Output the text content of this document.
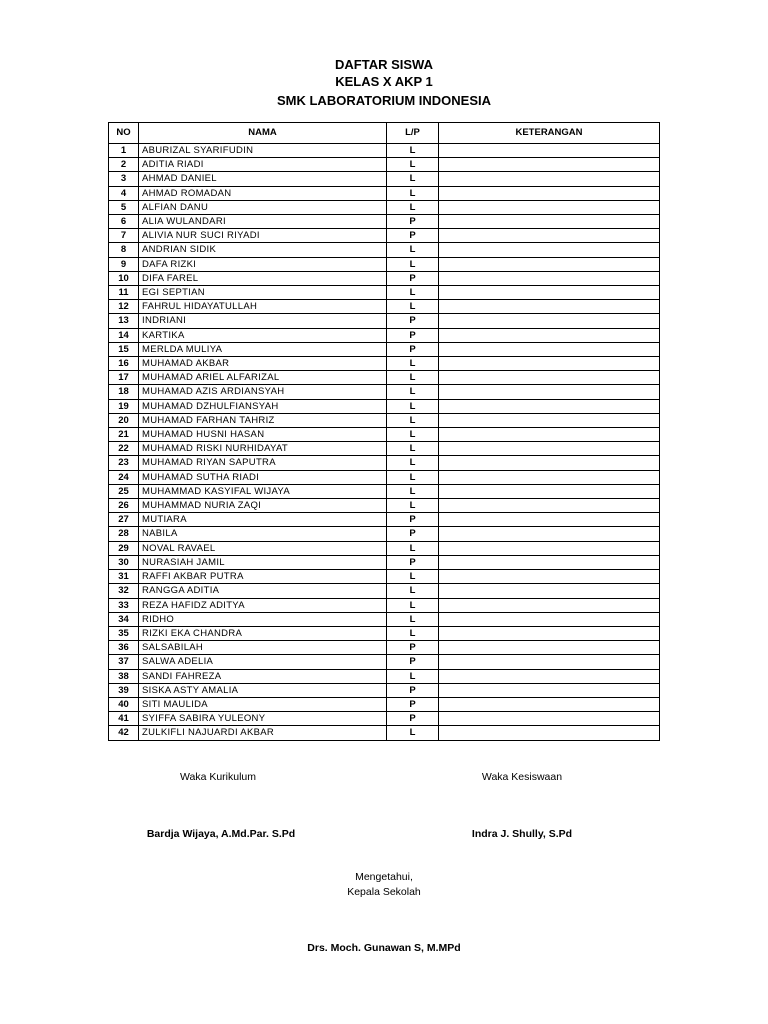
DAFTAR SISWA
KELAS X AKP 1
SMK LABORATORIUM INDONESIA
NO	NAMA	L/P	KETERANGAN
1	ABURIZAL SYARIFUDIN	L	
2	ADITIA RIADI	L	
3	AHMAD DANIEL	L	
4	AHMAD ROMADAN	L	
5	ALFIAN DANU	L	
6	ALIA WULANDARI	P	
7	ALIVIA NUR SUCI RIYADI	P	
8	ANDRIAN SIDIK	L	
9	DAFA RIZKI	L	
10	DIFA FAREL	P	
11	EGI SEPTIAN	L	
12	FAHRUL HIDAYATULLAH	L	
13	INDRIANI	P	
14	KARTIKA	P	
15	MERLDA MULIYA	P	
16	MUHAMAD AKBAR	L	
17	MUHAMAD ARIEL ALFARIZAL	L	
18	MUHAMAD AZIS ARDIANSYAH	L	
19	MUHAMAD DZHULFIANSYAH	L	
20	MUHAMAD FARHAN TAHRIZ	L	
21	MUHAMAD HUSNI HASAN	L	
22	MUHAMAD RISKI NURHIDAYAT	L	
23	MUHAMAD RIYAN SAPUTRA	L	
24	MUHAMAD SUTHA RIADI	L	
25	MUHAMMAD KASYIFAL WIJAYA	L	
26	MUHAMMAD NURIA ZAQI	L	
27	MUTIARA	P	
28	NABILA	P	
29	NOVAL RAVAEL	L	
30	NURASIAH JAMIL	P	
31	RAFFI AKBAR PUTRA	L	
32	RANGGA ADITIA	L	
33	REZA HAFIDZ ADITYA	L	
34	RIDHO	L	
35	RIZKI EKA CHANDRA	L	
36	SALSABILAH	P	
37	SALWA ADELIA	P	
38	SANDI FAHREZA	L	
39	SISKA ASTY AMALIA	P	
40	SITI MAULIDA	P	
41	SYIFFA SABIRA YULEONY	P	
42	ZULKIFLI NAJUARDI AKBAR	L	
Waka Kurikulum
Bardja Wijaya, A.Md.Par. S.Pd
Waka Kesiswaan
Indra J. Shully, S.Pd
Mengetahui,
Kepala Sekolah
Drs. Moch. Gunawan S, M.MPd
